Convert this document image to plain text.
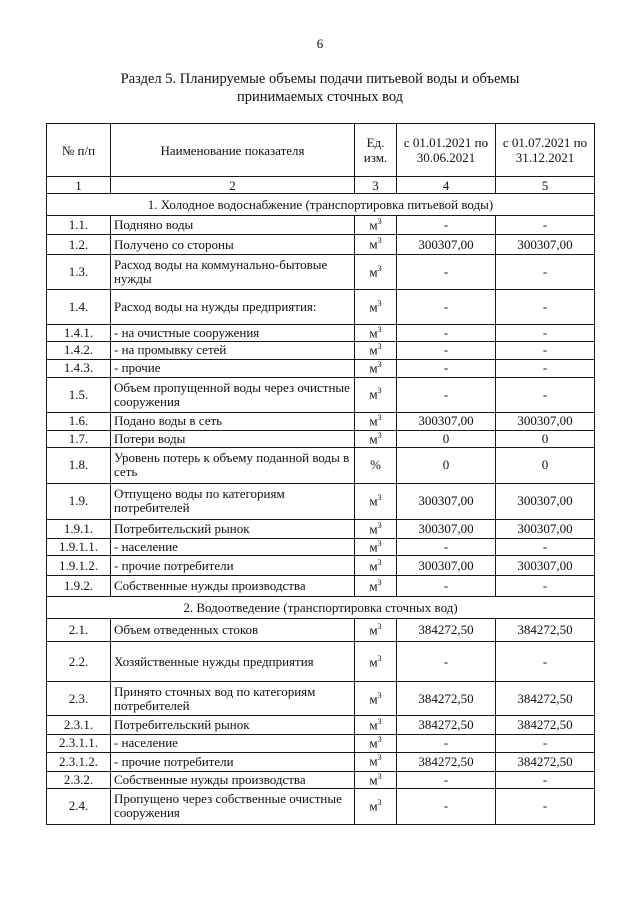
6
Раздел 5. Планируемые объемы подачи питьевой воды и объемы
принимаемых сточных вод
№ п/п	Наименование показателя	Ед. изм.	с 01.01.2021 по 30.06.2021	с 01.07.2021 по 31.12.2021
1	2	3	4	5
1. Холодное водоснабжение (транспортировка питьевой воды)				
1.1.	Подняно воды	$м^3$	-	-
1.2.	Получено со стороны	$м^3$	300307,00	300307,00
1.3.	Расход воды на коммунально-бытовые нужды	$м^3$	-	-
1.4.	Расход воды на нужды предприятия:	$м^3$	-	-
1.4.1.	- на очистные сооружения	$м^3$	-	-
1.4.2.	- на промывку сетей	$м^3$	-	-
1.4.3.	- прочие	$м^3$	-	-
1.5.	Объем пропущенной воды через очистные сооружения	$м^3$	-	-
1.6.	Подано воды в сеть	$м^3$	300307,00	300307,00
1.7.	Потери воды	$м^3$	0	0
1.8.	Уровень потерь к объему поданной воды в сеть	%	0	0
1.9.	Отпущено воды по категориям потребителей	$м^3$	300307,00	300307,00
1.9.1.	Потребительский рынок	$м^3$	300307,00	300307,00
1.9.1.1.	- население	$м^3$	-	-
1.9.1.2.	- прочие потребители	$м^3$	300307,00	300307,00
1.9.2.	Собственные нужды производства	$м^3$	-	-
2. Водоотведение (транспортировка сточных вод)				
2.1.	Объем отведенных стоков	$м^3$	384272,50	384272,50
2.2.	Хозяйственные нужды предприятия	$м^3$	-	-
2.3.	Принято сточных вод по категориям потребителей	$м^3$	384272,50	384272,50
2.3.1.	Потребительский рынок	$м^3$	384272,50	384272,50
2.3.1.1.	- население	$м^3$	-	-
2.3.1.2.	- прочие потребители	$м^3$	384272,50	384272,50
2.3.2.	Собственные нужды производства	$м^3$	-	-
2.4.	Пропущено через собственные очистные сооружения	$м^3$	-	-
